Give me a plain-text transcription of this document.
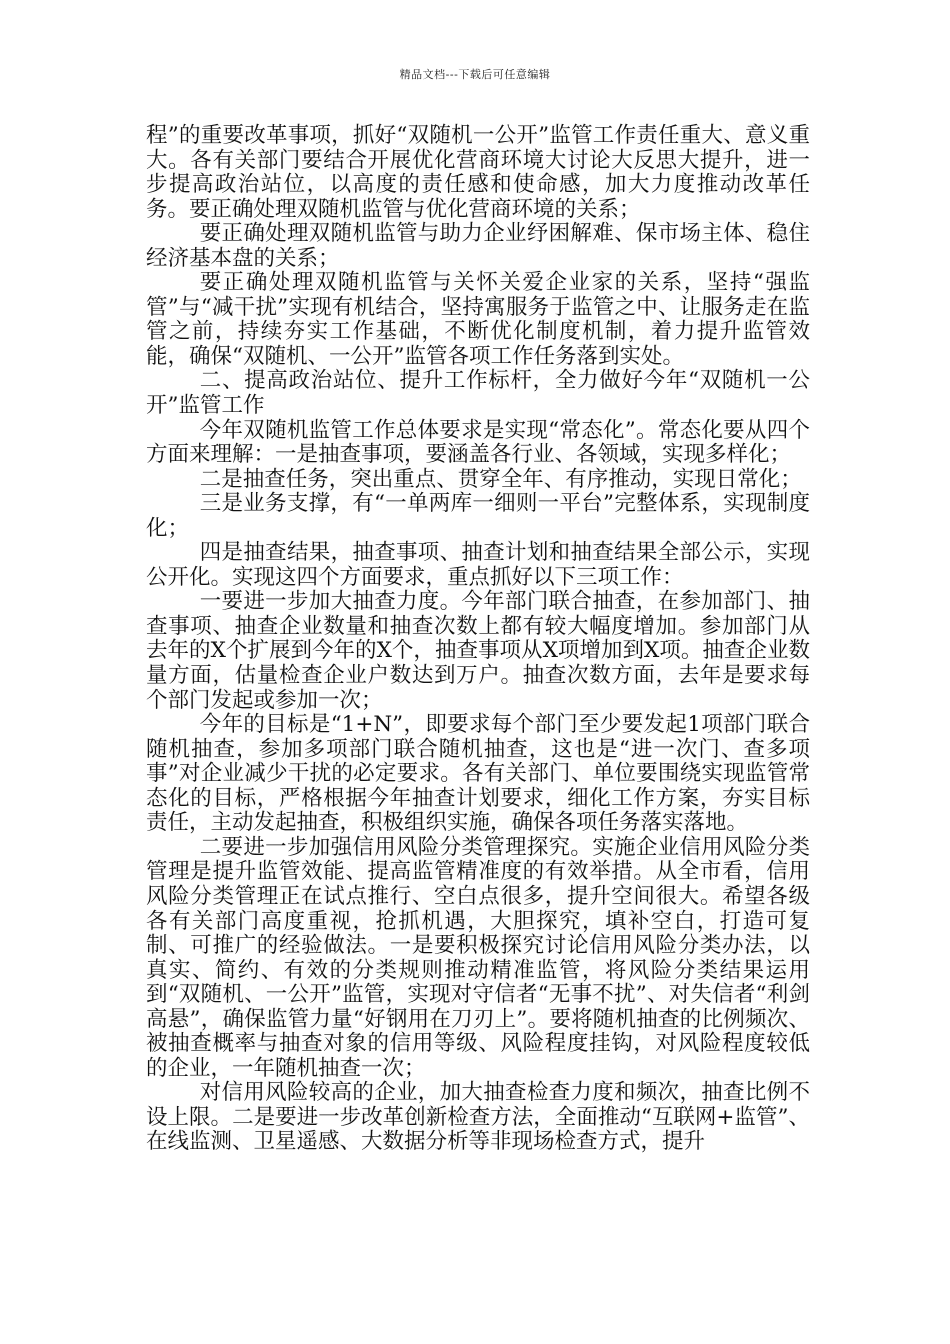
精品文档---下载后可任意编辑

程”的重要改革事项，抓好“双随机一公开”监管工作责任重大、意义重大。各有关部门要结合开展优化营商环境大讨论大反思大提升，进一步提高政治站位，以高度的责任感和使命感，加大力度推动改革任务。要正确处理双随机监管与优化营商环境的关系；

要正确处理双随机监管与助力企业纾困解难、保市场主体、稳住经济基本盘的关系；

要正确处理双随机监管与关怀关爱企业家的关系，坚持“强监管”与“减干扰”实现有机结合，坚持寓服务于监管之中、让服务走在监管之前，持续夯实工作基础，不断优化制度机制，着力提升监管效能，确保“双随机、一公开”监管各项工作任务落到实处。

二、提高政治站位、提升工作标杆，全力做好今年“双随机一公开”监管工作

今年双随机监管工作总体要求是实现“常态化”。常态化要从四个方面来理解：一是抽查事项，要涵盖各行业、各领域，实现多样化；

二是抽查任务，突出重点、贯穿全年、有序推动，实现日常化；

三是业务支撑，有“一单两库一细则一平台”完整体系，实现制度化；

四是抽查结果，抽查事项、抽查计划和抽查结果全部公示，实现公开化。实现这四个方面要求，重点抓好以下三项工作：

一要进一步加大抽查力度。今年部门联合抽查，在参加部门、抽查事项、抽查企业数量和抽查次数上都有较大幅度增加。参加部门从去年的X个扩展到今年的X个，抽查事项从X项增加到X项。抽查企业数量方面，估量检查企业户数达到万户。抽查次数方面，去年是要求每个部门发起或参加一次；

今年的目标是“1+N”，即要求每个部门至少要发起1项部门联合随机抽查，参加多项部门联合随机抽查，这也是“进一次门、查多项事”对企业减少干扰的必定要求。各有关部门、单位要围绕实现监管常态化的目标，严格根据今年抽查计划要求，细化工作方案，夯实目标责任，主动发起抽查，积极组织实施，确保各项任务落实落地。

二要进一步加强信用风险分类管理探究。实施企业信用风险分类管理是提升监管效能、提高监管精准度的有效举措。从全市看，信用风险分类管理正在试点推行、空白点很多，提升空间很大。希望各级各有关部门高度重视，抢抓机遇，大胆探究，填补空白，打造可复制、可推广的经验做法。一是要积极探究讨论信用风险分类办法，以真实、简约、有效的分类规则推动精准监管，将风险分类结果运用到“双随机、一公开”监管，实现对守信者“无事不扰”、对失信者“利剑高悬”，确保监管力量“好钢用在刀刃上”。要将随机抽查的比例频次、被抽查概率与抽查对象的信用等级、风险程度挂钩，对风险程度较低的企业，一年随机抽查一次；

对信用风险较高的企业，加大抽查检查力度和频次，抽查比例不设上限。二是要进一步改革创新检查方法，全面推动“互联网+监管”、在线监测、卫星遥感、大数据分析等非现场检查方式，提升
